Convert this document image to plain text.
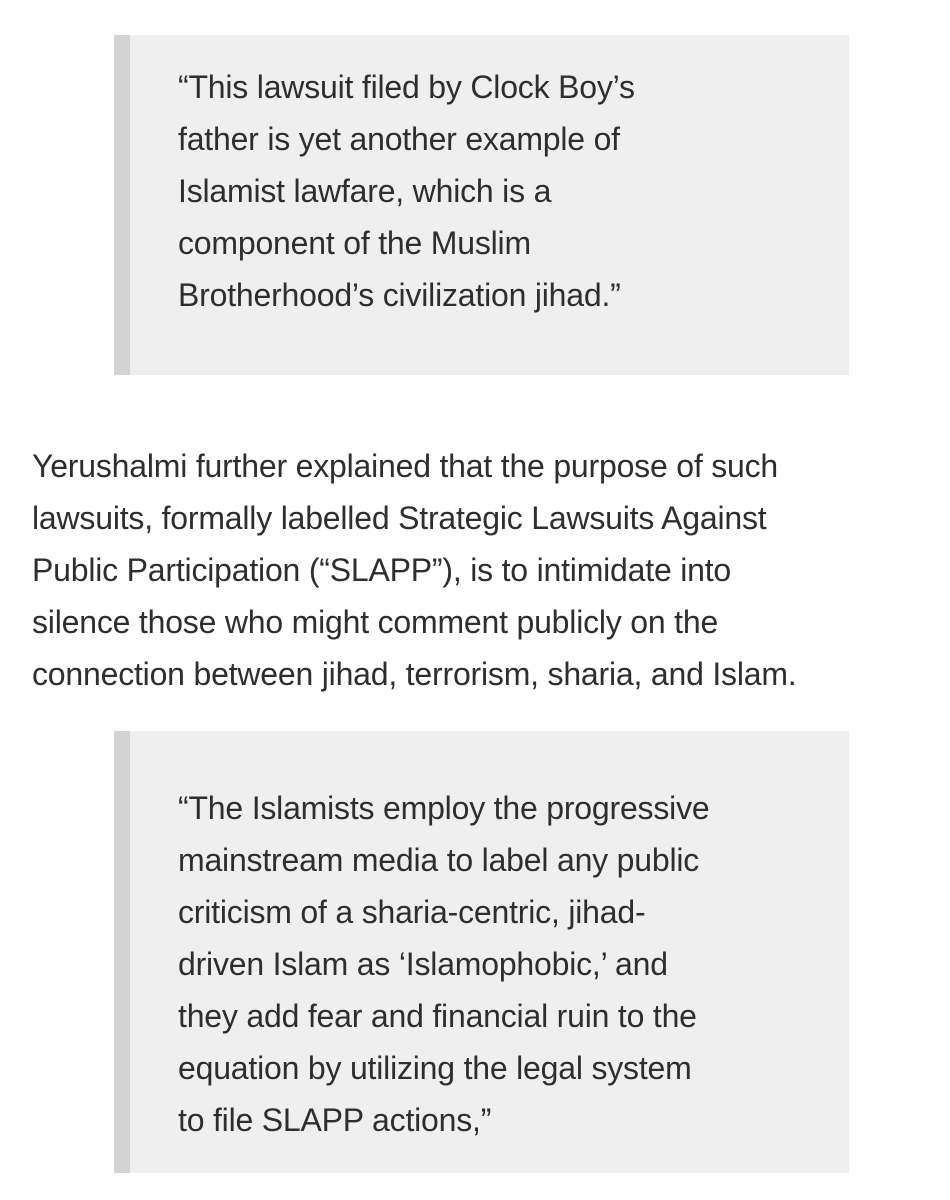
“This lawsuit filed by Clock Boy’s
father is yet another example of
Islamist lawfare, which is a
component of the Muslim
Brotherhood’s civilization jihad.”

Yerushalmi further explained that the purpose of such
lawsuits, formally labelled Strategic Lawsuits Against
Public Participation (“SLAPP”), is to intimidate into
silence those who might comment publicly on the
connection between jihad, terrorism, sharia, and Islam.

“The Islamists employ the progressive
mainstream media to label any public
criticism of a sharia-centric, jihad-
driven Islam as ‘Islamophobic,’ and
they add fear and financial ruin to the
equation by utilizing the legal system
to file SLAPP actions,”
